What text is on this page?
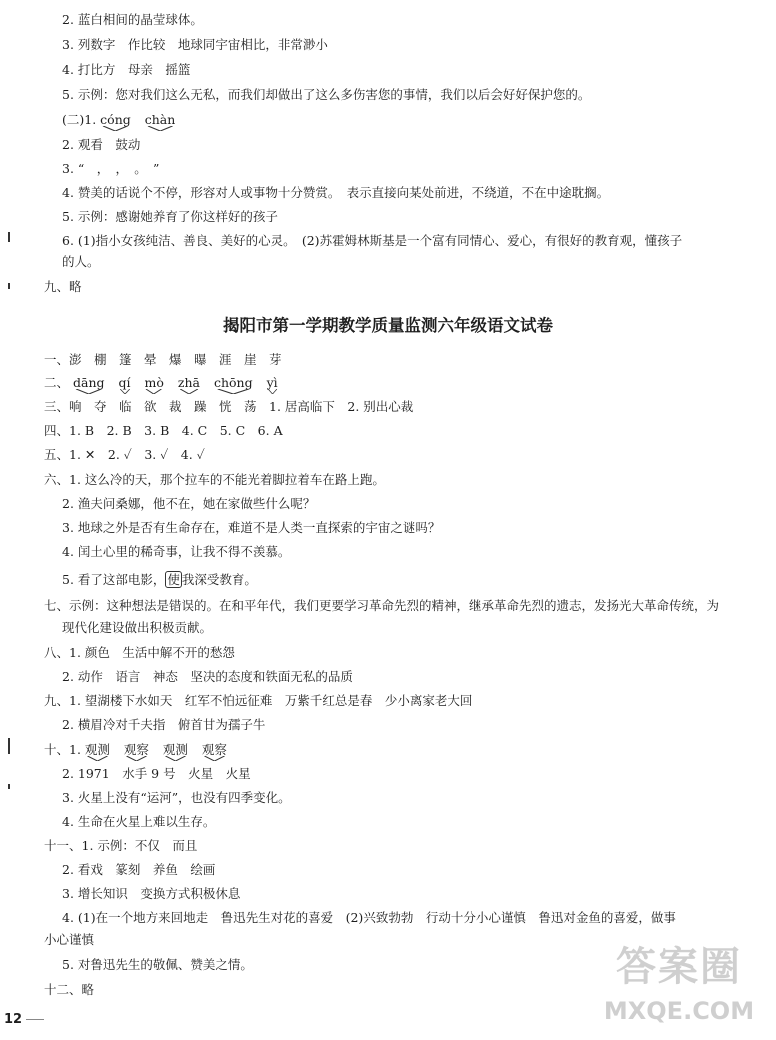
2. 蓝白相间的晶莹球体。
3. 列数字　作比较　地球同宇宙相比，非常渺小
4. 打比方　母亲　摇篮
5. 示例：您对我们这么无私，而我们却做出了这么多伤害您的事情，我们以后会好好保护您的。
(二)1. cóng chàn
2. 观看　鼓动
3. “　，　，　。　”
4. 赞美的话说个不停，形容对人或事物十分赞赏。　表示直接向某处前进，不绕道，不在中途耽搁。
5. 示例：感谢她养育了你这样好的孩子
6. (1)指小女孩纯洁、善良、美好的心灵。　(2)苏霍姆林斯基是一个富有同情心、爱心，有很好的教育观，懂孩子
的人。
九、略
揭阳市第一学期教学质量监测六年级语文试卷
一、澎　棚　篷　晕　爆　曝　涯　崖　芽
二、 dāng qí mò zhā chōng yì
三、响　夺　临　欲　裁　躁　恍　荡　1. 居高临下　2. 别出心裁
四、1. B　2. B　3. B　4. C　5. C　6. A
五、1. ✕　2. ✓　3. ✓　4. ✓
六、1. 这么冷的天，那个拉车的不能光着脚拉着车在路上跑。
2. 渔夫问桑娜，他不在，她在家做些什么呢？
3. 地球之外是否有生命存在，难道不是人类一直探索的宇宙之谜吗？
4. 闰土心里的稀奇事，让我不得不羡慕。
5. 看了这部电影， 使 我深受教育。
七、示例：这种想法是错误的。在和平年代，我们更要学习革命先烈的精神，继承革命先烈的遗志，发扬光大革命传统，为
现代化建设做出积极贡献。
八、1. 颜色　生活中解不开的愁怨
2. 动作　语言　神态　坚决的态度和铁面无私的品质
九、1. 望湖楼下水如天　红军不怕远征难　万紫千红总是春　少小离家老大回
2. 横眉冷对千夫指　俯首甘为孺子牛
十、1. 观测 观察 观测 观察
2. 1971　水手 9 号　火星　火星
3. 火星上没有“运河”，也没有四季变化。
4. 生命在火星上难以生存。
十一、1. 示例：不仅　而且
2. 看戏　篆刻　养鱼　绘画
3. 增长知识　变换方式积极休息
4. (1)在一个地方来回地走　鲁迅先生对花的喜爱　(2)兴致勃勃　行动十分小心谨慎　鲁迅对金鱼的喜爱，做事
小心谨慎
5. 对鲁迅先生的敬佩、赞美之情。
十二、略
12
答案圈
MXQE.COM
